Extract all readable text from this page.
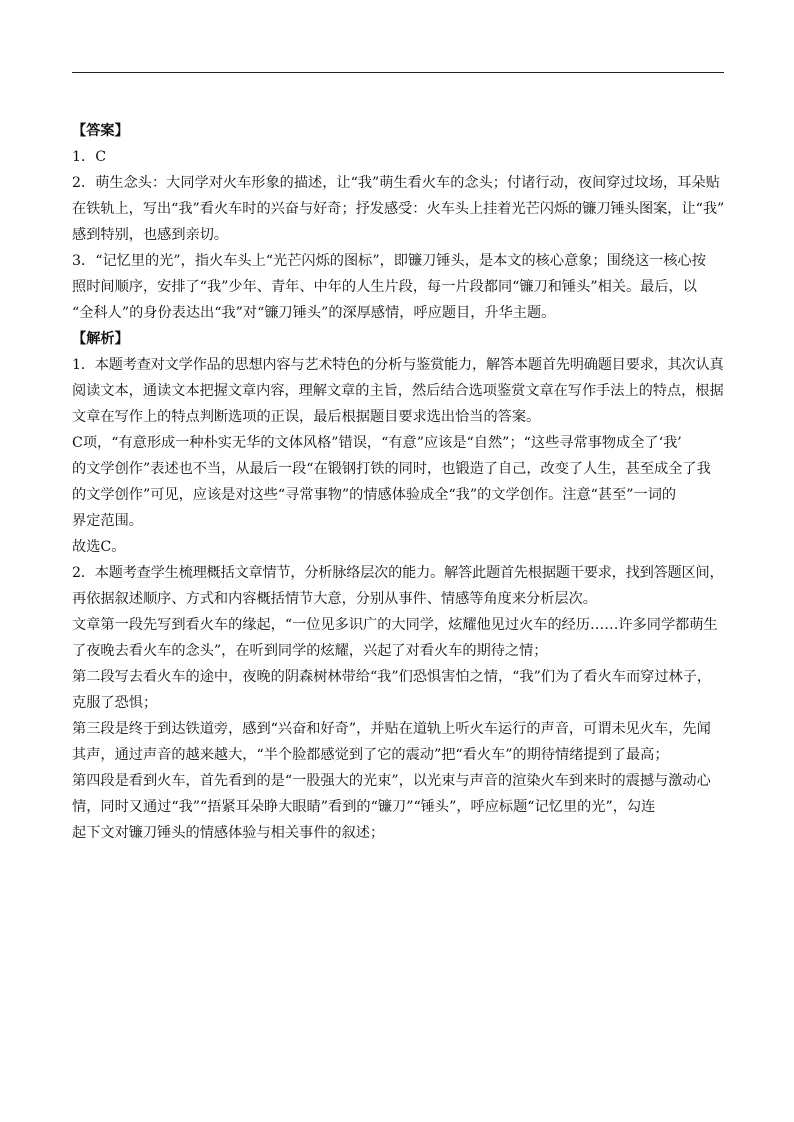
【答案】

1．C

2．萌生念头：大同学对火车形象的描述，让“我”萌生看火车的念头；付诸行动，夜间穿过坟场，耳朵贴
在铁轨上，写出“我”看火车时的兴奋与好奇；抒发感受：火车头上挂着光芒闪烁的镰刀锤头图案，让“我”
感到特别，也感到亲切。

3．“记忆里的光”，指火车头上“光芒闪烁的图标”，即镰刀锤头，是本文的核心意象；围绕这一核心按
照时间顺序，安排了“我”少年、青年、中年的人生片段，每一片段都同“镰刀和锤头”相关。最后，以
“全科人”的身份表达出“我”对“镰刀锤头”的深厚感情，呼应题目，升华主题。

【解析】

1．本题考查对文学作品的思想内容与艺术特色的分析与鉴赏能力，解答本题首先明确题目要求，其次认真
阅读文本，通读文本把握文章内容，理解文章的主旨，然后结合选项鉴赏文章在写作手法上的特点，根据
文章在写作上的特点判断选项的正误，最后根据题目要求选出恰当的答案。

C项，“有意形成一种朴实无华的文体风格”错误，“有意”应该是“自然”；“这些寻常事物成全了‘我’
的文学创作”表述也不当，从最后一段“在锻钢打铁的同时，也锻造了自己，改变了人生，甚至成全了我
的文学创作”可见，应该是对这些“寻常事物”的情感体验成全“我”的文学创作。注意“甚至”一词的
界定范围。

故选C。

2．本题考查学生梳理概括文章情节，分析脉络层次的能力。解答此题首先根据题干要求，找到答题区间，
再依据叙述顺序、方式和内容概括情节大意，分别从事件、情感等角度来分析层次。

文章第一段先写到看火车的缘起，“一位见多识广的大同学，炫耀他见过火车的经历……许多同学都萌生
了夜晚去看火车的念头”，在听到同学的炫耀，兴起了对看火车的期待之情；

第二段写去看火车的途中，夜晚的阴森树林带给“我”们恐惧害怕之情，“我”们为了看火车而穿过林子，
克服了恐惧；

第三段是终于到达铁道旁，感到“兴奋和好奇”，并贴在道轨上听火车运行的声音，可谓未见火车，先闻
其声，通过声音的越来越大，“半个脸都感觉到了它的震动”把“看火车”的期待情绪提到了最高；

第四段是看到火车，首先看到的是“一股强大的光束”，以光束与声音的渲染火车到来时的震撼与激动心
情，同时又通过“我”“捂紧耳朵睁大眼睛”看到的“镰刀”“锤头”，呼应标题“记忆里的光”，勾连
起下文对镰刀锤头的情感体验与相关事件的叙述；
